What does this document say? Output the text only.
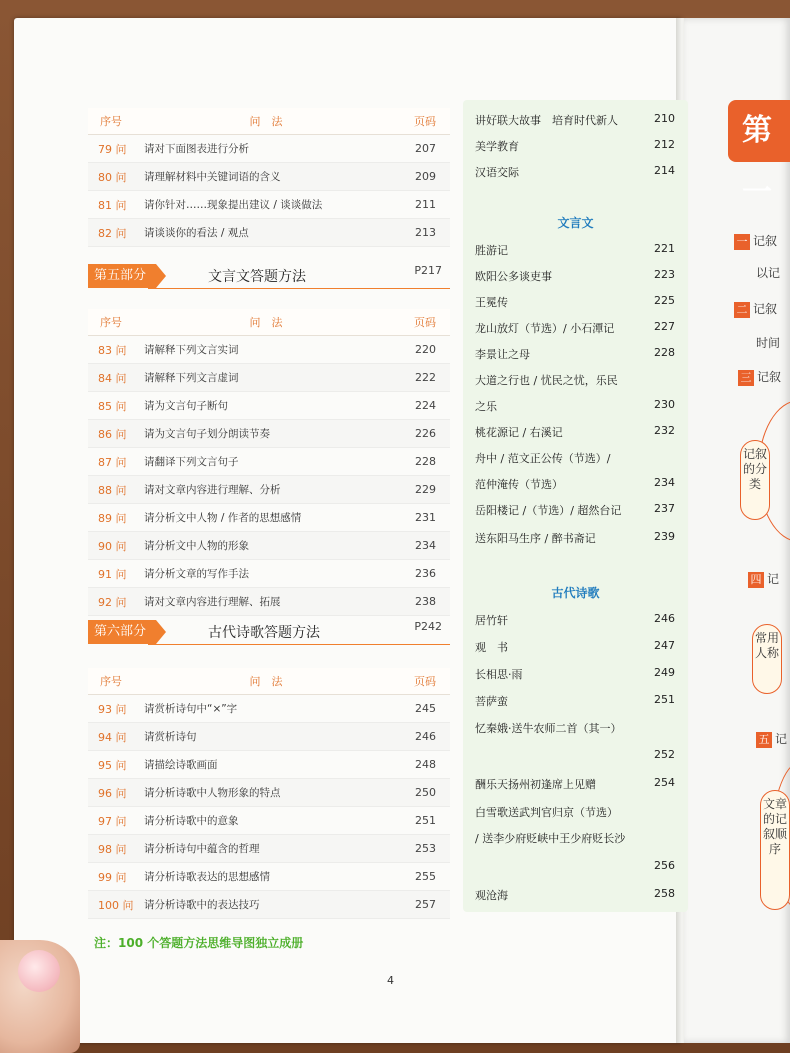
序号	问　法	页码
79 问	请对下面图表进行分析	207
80 问	请理解材料中关键词语的含义	209
81 问	请你针对……现象提出建议 / 谈谈做法	211
82 问	请谈谈你的看法 / 观点	213
第五部分	文言文答题方法	P217
序号	问　法	页码
83 问	请解释下列文言实词	220
84 问	请解释下列文言虚词	222
85 问	请为文言句子断句	224
86 问	请为文言句子划分朗读节奏	226
87 问	请翻译下列文言句子	228
88 问	请对文章内容进行理解、分析	229
89 问	请分析文中人物 / 作者的思想感情	231
90 问	请分析文中人物的形象	234
91 问	请分析文章的写作手法	236
92 问	请对文章内容进行理解、拓展	238
第六部分	古代诗歌答题方法	P242
序号	问　法	页码
93 问	请赏析诗句中“×”字	245
94 问	请赏析诗句	246
95 问	请描绘诗歌画面	248
96 问	请分析诗歌中人物形象的特点	250
97 问	请分析诗歌中的意象	251
98 问	请分析诗句中蕴含的哲理	253
99 问	请分析诗歌表达的思想感情	255
100 问	请分析诗歌中的表达技巧	257
注：100 个答题方法思维导图独立成册
4
讲好联大故事　培育时代新人	210
美学教育	212
汉语交际	214
文言文
胜游记	221
欧阳公多谈吏事	223
王冕传	225
龙山放灯（节选）/ 小石潭记	227
李景让之母	228
大道之行也 / 忧民之忧，乐民
之乐	230
桃花源记 / 右溪记	232
舟中 / 范文正公传（节选）/
范仲淹传（节选）	234
岳阳楼记 /（节选）/ 超然台记	237
送东阳马生序 / 醉书斋记	239
古代诗歌
居竹轩	246
观　书	247
长相思·雨	249
菩萨蛮	251
忆秦娥·送牛农师二首（其一）
252
酬乐天扬州初逢席上见赠	254
白雪歌送武判官归京（节选）
/ 送李少府贬峡中王少府贬长沙
256
观沧海	258
第一
一 记叙
以记
二 记叙
时间
三 记叙
四 记
五 记
记叙的分类
常用人称
文章的记叙顺序
